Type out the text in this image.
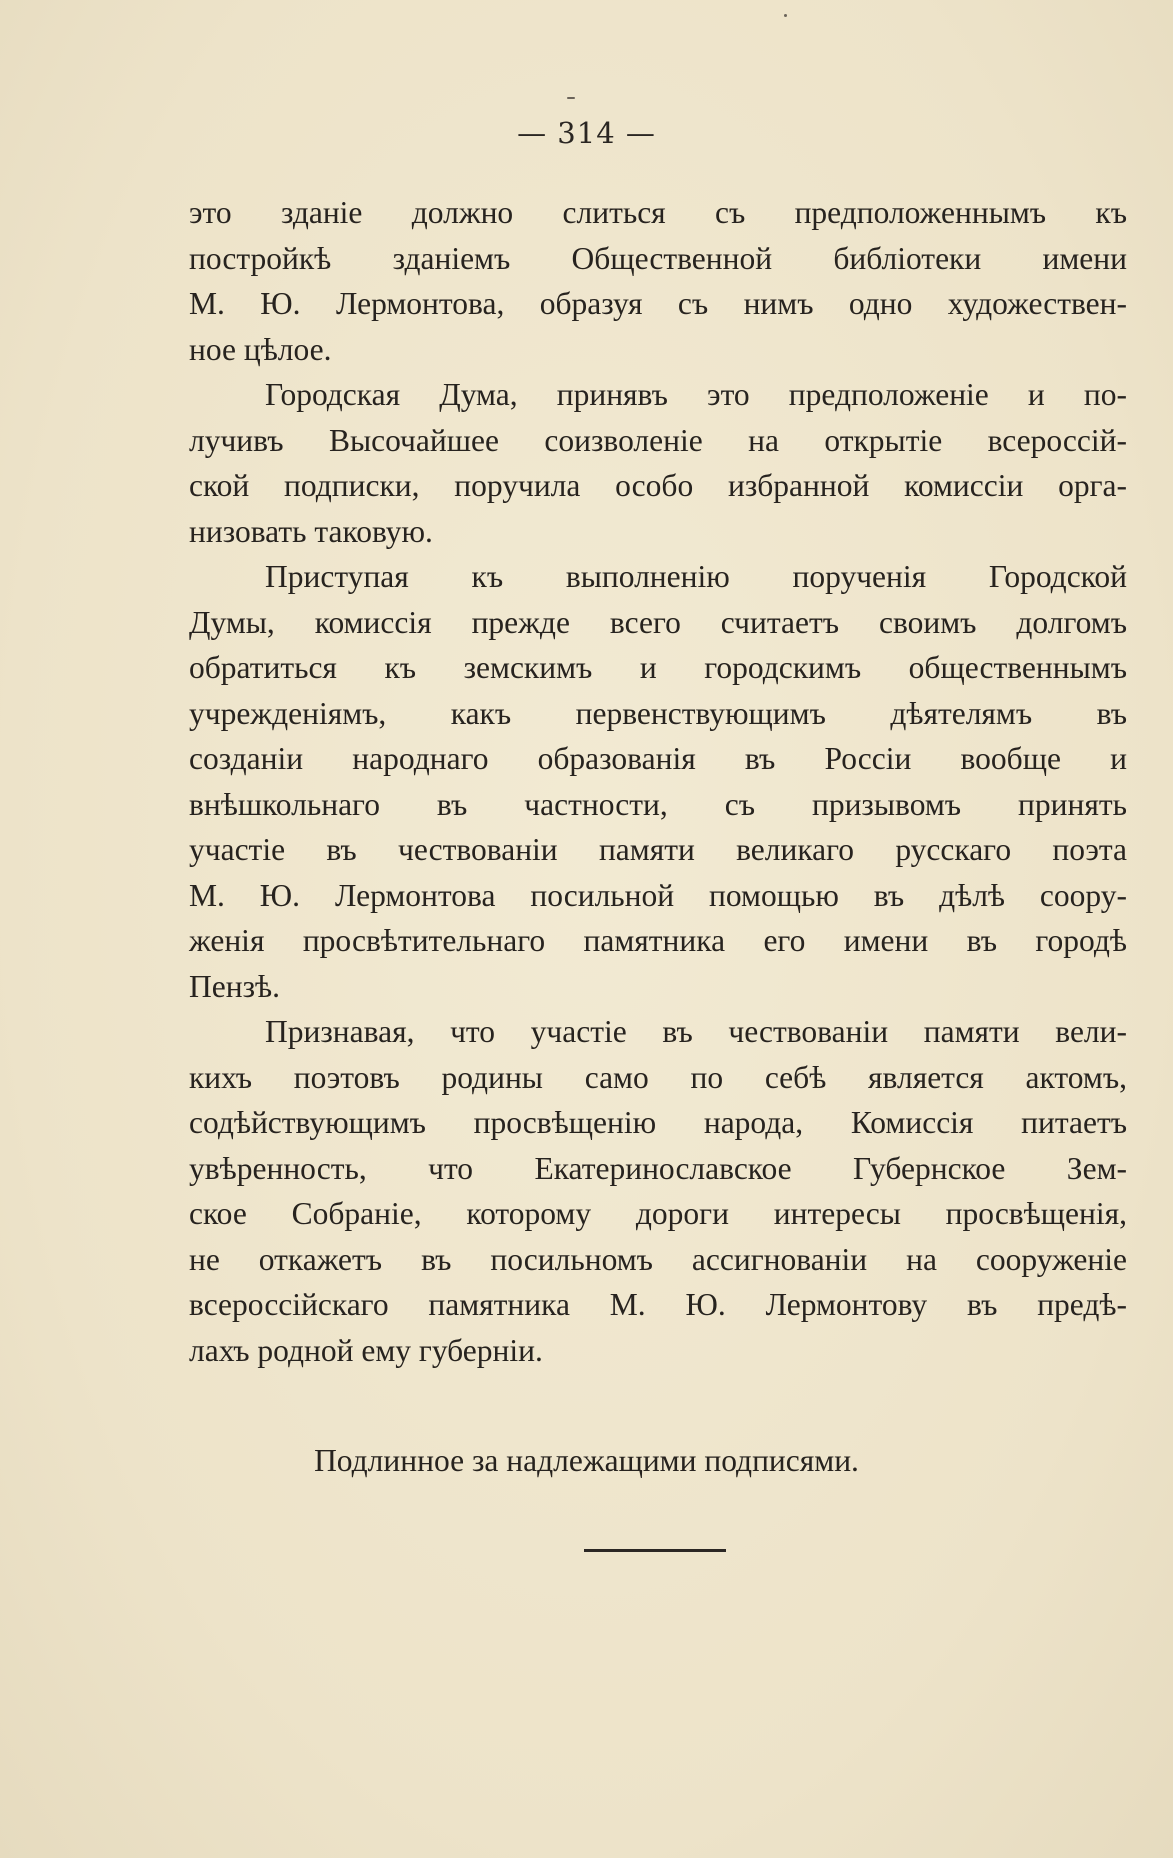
— 314 —
это зданіе должно слиться съ предположеннымъ къ
постройкѣ зданіемъ Общественной библіотеки имени
М. Ю. Лермонтова, образуя съ нимъ одно художествен-
ное цѣлое.
Городская Дума, принявъ это предположеніе и по-
лучивъ Высочайшее соизволеніе на открытіе всероссій-
ской подписки, поручила особо избранной комиссіи орга-
низовать таковую.
Приступая къ выполненію порученія Городской
Думы, комиссія прежде всего считаетъ своимъ долгомъ
обратиться къ земскимъ и городскимъ общественнымъ
учрежденіямъ, какъ первенствующимъ дѣятелямъ въ
созданіи народнаго образованія въ Россіи вообще и
внѣшкольнаго въ частности, съ призывомъ принять
участіе въ чествованіи памяти великаго русскаго поэта
М. Ю. Лермонтова посильной помощью въ дѣлѣ соору-
женія просвѣтительнаго памятника его имени въ городѣ
Пензѣ.
Признавая, что участіе въ чествованіи памяти вели-
кихъ поэтовъ родины само по себѣ является актомъ,
содѣйствующимъ просвѣщенію народа, Комиссія питаетъ
увѣренность, что Екатеринославское Губернское Зем-
ское Собраніе, которому дороги интересы просвѣщенія,
не откажетъ въ посильномъ ассигнованіи на сооруженіе
всероссійскаго памятника М. Ю. Лермонтову въ предѣ-
лахъ родной ему губерніи.
Подлинное за надлежащими подписями.
